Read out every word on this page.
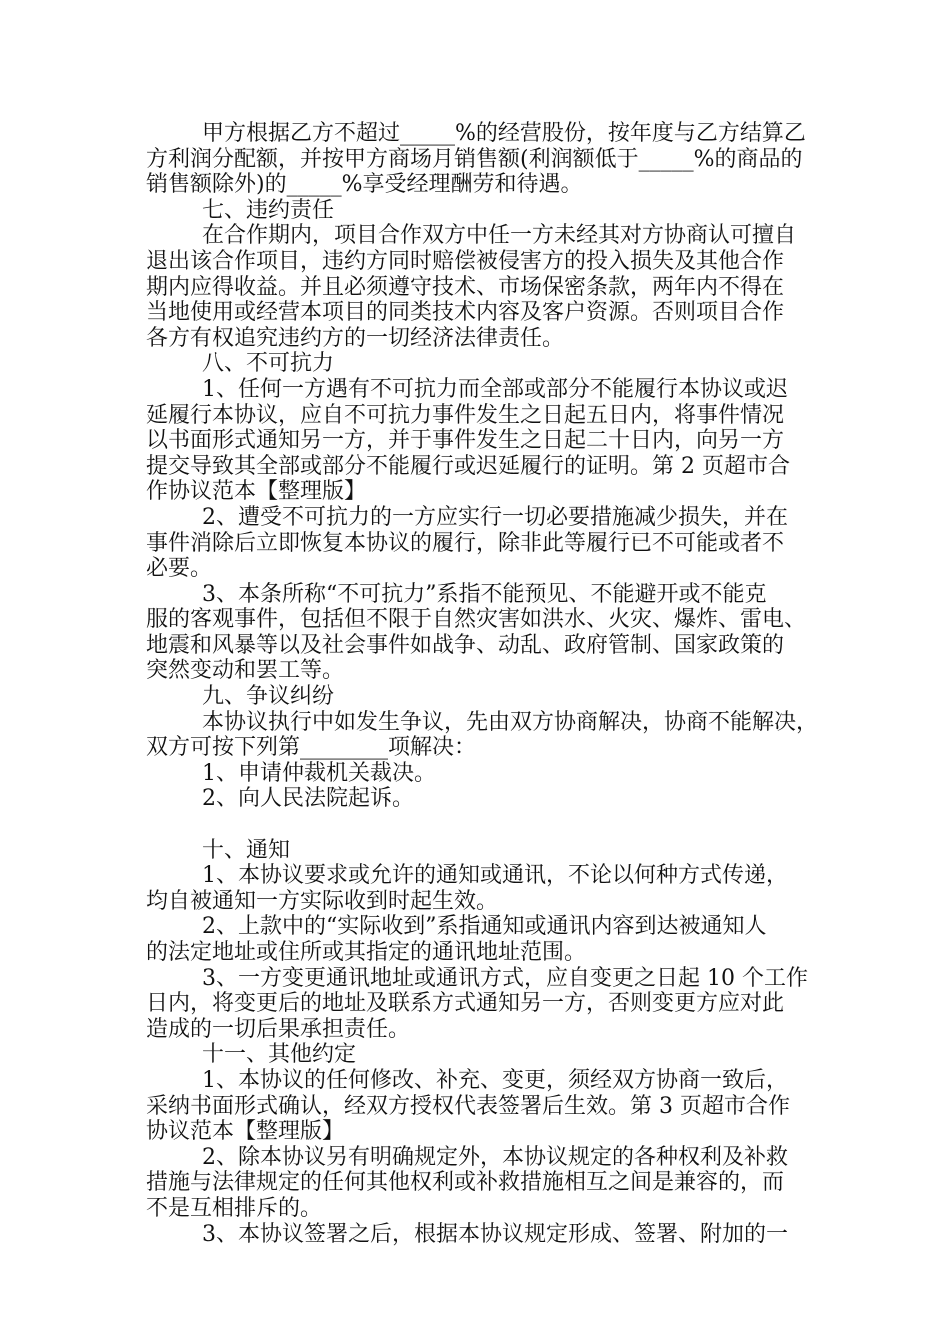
甲方根据乙方不超过_____%的经营股份，按年度与乙方结算乙
方利润分配额，并按甲方商场月销售额(利润额低于_____%的商品的
销售额除外)的_____%享受经理酬劳和待遇。
七、违约责任
在合作期内，项目合作双方中任一方未经其对方协商认可擅自
退出该合作项目，违约方同时赔偿被侵害方的投入损失及其他合作
期内应得收益。并且必须遵守技术、市场保密条款，两年内不得在
当地使用或经营本项目的同类技术内容及客户资源。否则项目合作
各方有权追究违约方的一切经济法律责任。
八、不可抗力
1、任何一方遇有不可抗力而全部或部分不能履行本协议或迟
延履行本协议，应自不可抗力事件发生之日起五日内，将事件情况
以书面形式通知另一方，并于事件发生之日起二十日内，向另一方
提交导致其全部或部分不能履行或迟延履行的证明。第 2 页超市合
作协议范本【整理版】
2、遭受不可抗力的一方应实行一切必要措施减少损失，并在
事件消除后立即恢复本协议的履行，除非此等履行已不可能或者不
必要。
3、本条所称“不可抗力”系指不能预见、不能避开或不能克
服的客观事件，包括但不限于自然灾害如洪水、火灾、爆炸、雷电、
地震和风暴等以及社会事件如战争、动乱、政府管制、国家政策的
突然变动和罢工等。
九、争议纠纷
本协议执行中如发生争议，先由双方协商解决，协商不能解决，
双方可按下列第________项解决：
1、申请仲裁机关裁决。
2、向人民法院起诉。
十、通知
1、本协议要求或允许的通知或通讯，不论以何种方式传递，
均自被通知一方实际收到时起生效。
2、上款中的“实际收到”系指通知或通讯内容到达被通知人
的法定地址或住所或其指定的通讯地址范围。
3、一方变更通讯地址或通讯方式，应自变更之日起 10 个工作
日内，将变更后的地址及联系方式通知另一方，否则变更方应对此
造成的一切后果承担责任。
十一、其他约定
1、本协议的任何修改、补充、变更，须经双方协商一致后，
采纳书面形式确认，经双方授权代表签署后生效。第 3 页超市合作
协议范本【整理版】
2、除本协议另有明确规定外，本协议规定的各种权利及补救
措施与法律规定的任何其他权利或补救措施相互之间是兼容的，而
不是互相排斥的。
3、本协议签署之后，根据本协议规定形成、签署、附加的一
